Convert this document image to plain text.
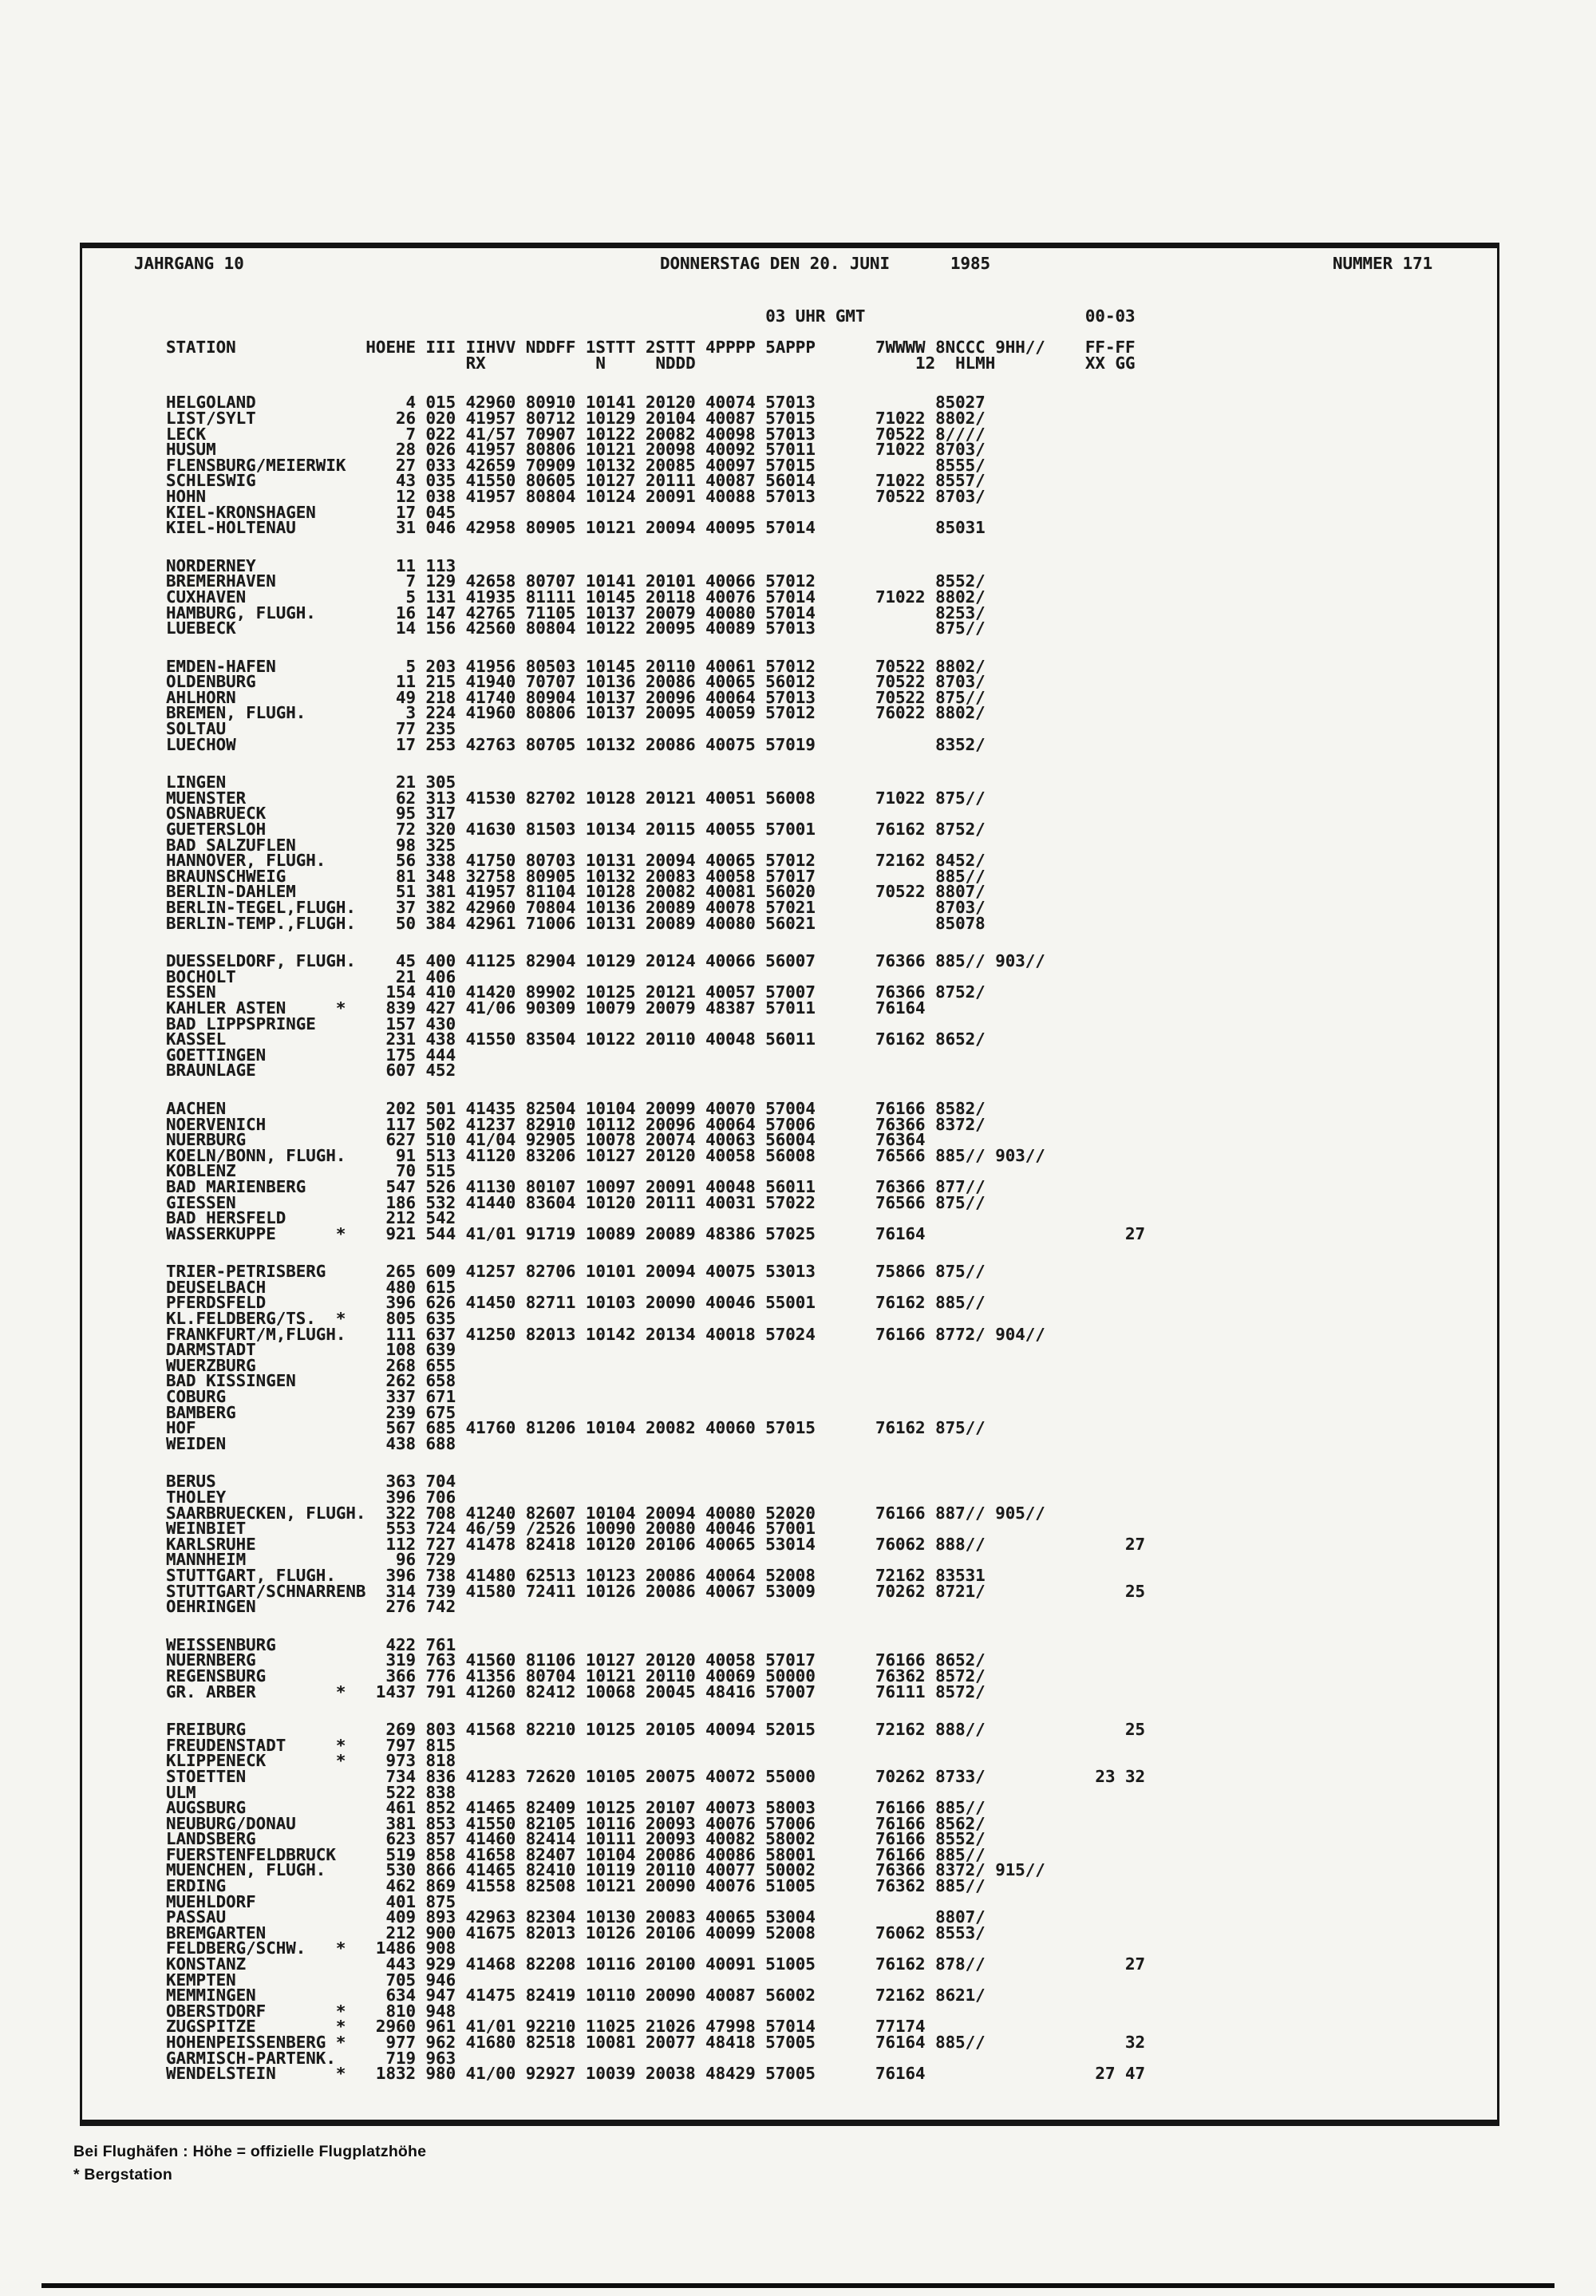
JAHRGANG 10	DONNERSTAG DEN 20. JUNI	1985	NUMMER 171
03 UHR GMT                      00-03
STATION             HOEHE III IIHVV NDDFF 1STTT 2STTT 4PPPP 5APPP      7WWWW 8NCCC 9HH//    FF-FF
RX           N     NDDD                      12  HLMH         XX GG
HELGOLAND               4 015 42960 80910 10141 20120 40074 57013            85027
LIST/SYLT              26 020 41957 80712 10129 20104 40087 57015      71022 8802/
LECK                    7 022 41/57 70907 10122 20082 40098 57013      70522 8////
HUSUM                  28 026 41957 80806 10121 20098 40092 57011      71022 8703/
FLENSBURG/MEIERWIK     27 033 42659 70909 10132 20085 40097 57015            8555/
SCHLESWIG              43 035 41550 80605 10127 20111 40087 56014      71022 8557/
HOHN                   12 038 41957 80804 10124 20091 40088 57013      70522 8703/
KIEL-KRONSHAGEN        17 045
KIEL-HOLTENAU          31 046 42958 80905 10121 20094 40095 57014            85031
NORDERNEY              11 113
BREMERHAVEN             7 129 42658 80707 10141 20101 40066 57012            8552/
CUXHAVEN                5 131 41935 81111 10145 20118 40076 57014      71022 8802/
HAMBURG, FLUGH.        16 147 42765 71105 10137 20079 40080 57014            8253/
LUEBECK                14 156 42560 80804 10122 20095 40089 57013            875//
EMDEN-HAFEN             5 203 41956 80503 10145 20110 40061 57012      70522 8802/
OLDENBURG              11 215 41940 70707 10136 20086 40065 56012      70522 8703/
AHLHORN                49 218 41740 80904 10137 20096 40064 57013      70522 875//
BREMEN, FLUGH.          3 224 41960 80806 10137 20095 40059 57012      76022 8802/
SOLTAU                 77 235
LUECHOW                17 253 42763 80705 10132 20086 40075 57019            8352/
LINGEN                 21 305
MUENSTER               62 313 41530 82702 10128 20121 40051 56008      71022 875//
OSNABRUECK             95 317
GUETERSLOH             72 320 41630 81503 10134 20115 40055 57001      76162 8752/
BAD SALZUFLEN          98 325
HANNOVER, FLUGH.       56 338 41750 80703 10131 20094 40065 57012      72162 8452/
BRAUNSCHWEIG           81 348 32758 80905 10132 20083 40058 57017            885//
BERLIN-DAHLEM          51 381 41957 81104 10128 20082 40081 56020      70522 8807/
BERLIN-TEGEL,FLUGH.    37 382 42960 70804 10136 20089 40078 57021            8703/
BERLIN-TEMP.,FLUGH.    50 384 42961 71006 10131 20089 40080 56021            85078
DUESSELDORF, FLUGH.    45 400 41125 82904 10129 20124 40066 56007      76366 885// 903//
BOCHOLT                21 406
ESSEN                 154 410 41420 89902 10125 20121 40057 57007      76366 8752/
KAHLER ASTEN     *    839 427 41/06 90309 10079 20079 48387 57011      76164
BAD LIPPSPRINGE       157 430
KASSEL                231 438 41550 83504 10122 20110 40048 56011      76162 8652/
GOETTINGEN            175 444
BRAUNLAGE             607 452
AACHEN                202 501 41435 82504 10104 20099 40070 57004      76166 8582/
NOERVENICH            117 502 41237 82910 10112 20096 40064 57006      76366 8372/
NUERBURG              627 510 41/04 92905 10078 20074 40063 56004      76364
KOELN/BONN, FLUGH.     91 513 41120 83206 10127 20120 40058 56008      76566 885// 903//
KOBLENZ                70 515
BAD MARIENBERG        547 526 41130 80107 10097 20091 40048 56011      76366 877//
GIESSEN               186 532 41440 83604 10120 20111 40031 57022      76566 875//
BAD HERSFELD          212 542
WASSERKUPPE      *    921 544 41/01 91719 10089 20089 48386 57025      76164                    27
TRIER-PETRISBERG      265 609 41257 82706 10101 20094 40075 53013      75866 875//
DEUSELBACH            480 615
PFERDSFELD            396 626 41450 82711 10103 20090 40046 55001      76162 885//
KL.FELDBERG/TS.  *    805 635
FRANKFURT/M,FLUGH.    111 637 41250 82013 10142 20134 40018 57024      76166 8772/ 904//
DARMSTADT             108 639
WUERZBURG             268 655
BAD KISSINGEN         262 658
COBURG                337 671
BAMBERG               239 675
HOF                   567 685 41760 81206 10104 20082 40060 57015      76162 875//
WEIDEN                438 688
BERUS                 363 704
THOLEY                396 706
SAARBRUECKEN, FLUGH.  322 708 41240 82607 10104 20094 40080 52020      76166 887// 905//
WEINBIET              553 724 46/59 /2526 10090 20080 40046 57001
KARLSRUHE             112 727 41478 82418 10120 20106 40065 53014      76062 888//              27
MANNHEIM               96 729
STUTTGART, FLUGH.     396 738 41480 62513 10123 20086 40064 52008      72162 83531
STUTTGART/SCHNARRENB  314 739 41580 72411 10126 20086 40067 53009      70262 8721/              25
OEHRINGEN             276 742
WEISSENBURG           422 761
NUERNBERG             319 763 41560 81106 10127 20120 40058 57017      76166 8652/
REGENSBURG            366 776 41356 80704 10121 20110 40069 50000      76362 8572/
GR. ARBER        *   1437 791 41260 82412 10068 20045 48416 57007      76111 8572/
FREIBURG              269 803 41568 82210 10125 20105 40094 52015      72162 888//              25
FREUDENSTADT     *    797 815
KLIPPENECK       *    973 818
STOETTEN              734 836 41283 72620 10105 20075 40072 55000      70262 8733/           23 32
ULM                   522 838
AUGSBURG              461 852 41465 82409 10125 20107 40073 58003      76166 885//
NEUBURG/DONAU         381 853 41550 82105 10116 20093 40076 57006      76166 8562/
LANDSBERG             623 857 41460 82414 10111 20093 40082 58002      76166 8552/
FUERSTENFELDBRUCK     519 858 41658 82407 10104 20086 40086 58001      76166 885//
MUENCHEN, FLUGH.      530 866 41465 82410 10119 20110 40077 50002      76366 8372/ 915//
ERDING                462 869 41558 82508 10121 20090 40076 51005      76362 885//
MUEHLDORF             401 875
PASSAU                409 893 42963 82304 10130 20083 40065 53004            8807/
BREMGARTEN            212 900 41675 82013 10126 20106 40099 52008      76062 8553/
FELDBERG/SCHW.   *   1486 908
KONSTANZ              443 929 41468 82208 10116 20100 40091 51005      76162 878//              27
KEMPTEN               705 946
MEMMINGEN             634 947 41475 82419 10110 20090 40087 56002      72162 8621/
OBERSTDORF       *    810 948
ZUGSPITZE        *   2960 961 41/01 92210 11025 21026 47998 57014      77174
HOHENPEISSENBERG *    977 962 41680 82518 10081 20077 48418 57005      76164 885//              32
GARMISCH-PARTENK.     719 963
WENDELSTEIN      *   1832 980 41/00 92927 10039 20038 48429 57005      76164                 27 47
Bei Flughäfen : Höhe = offizielle Flugplatzhöhe
* Bergstation
